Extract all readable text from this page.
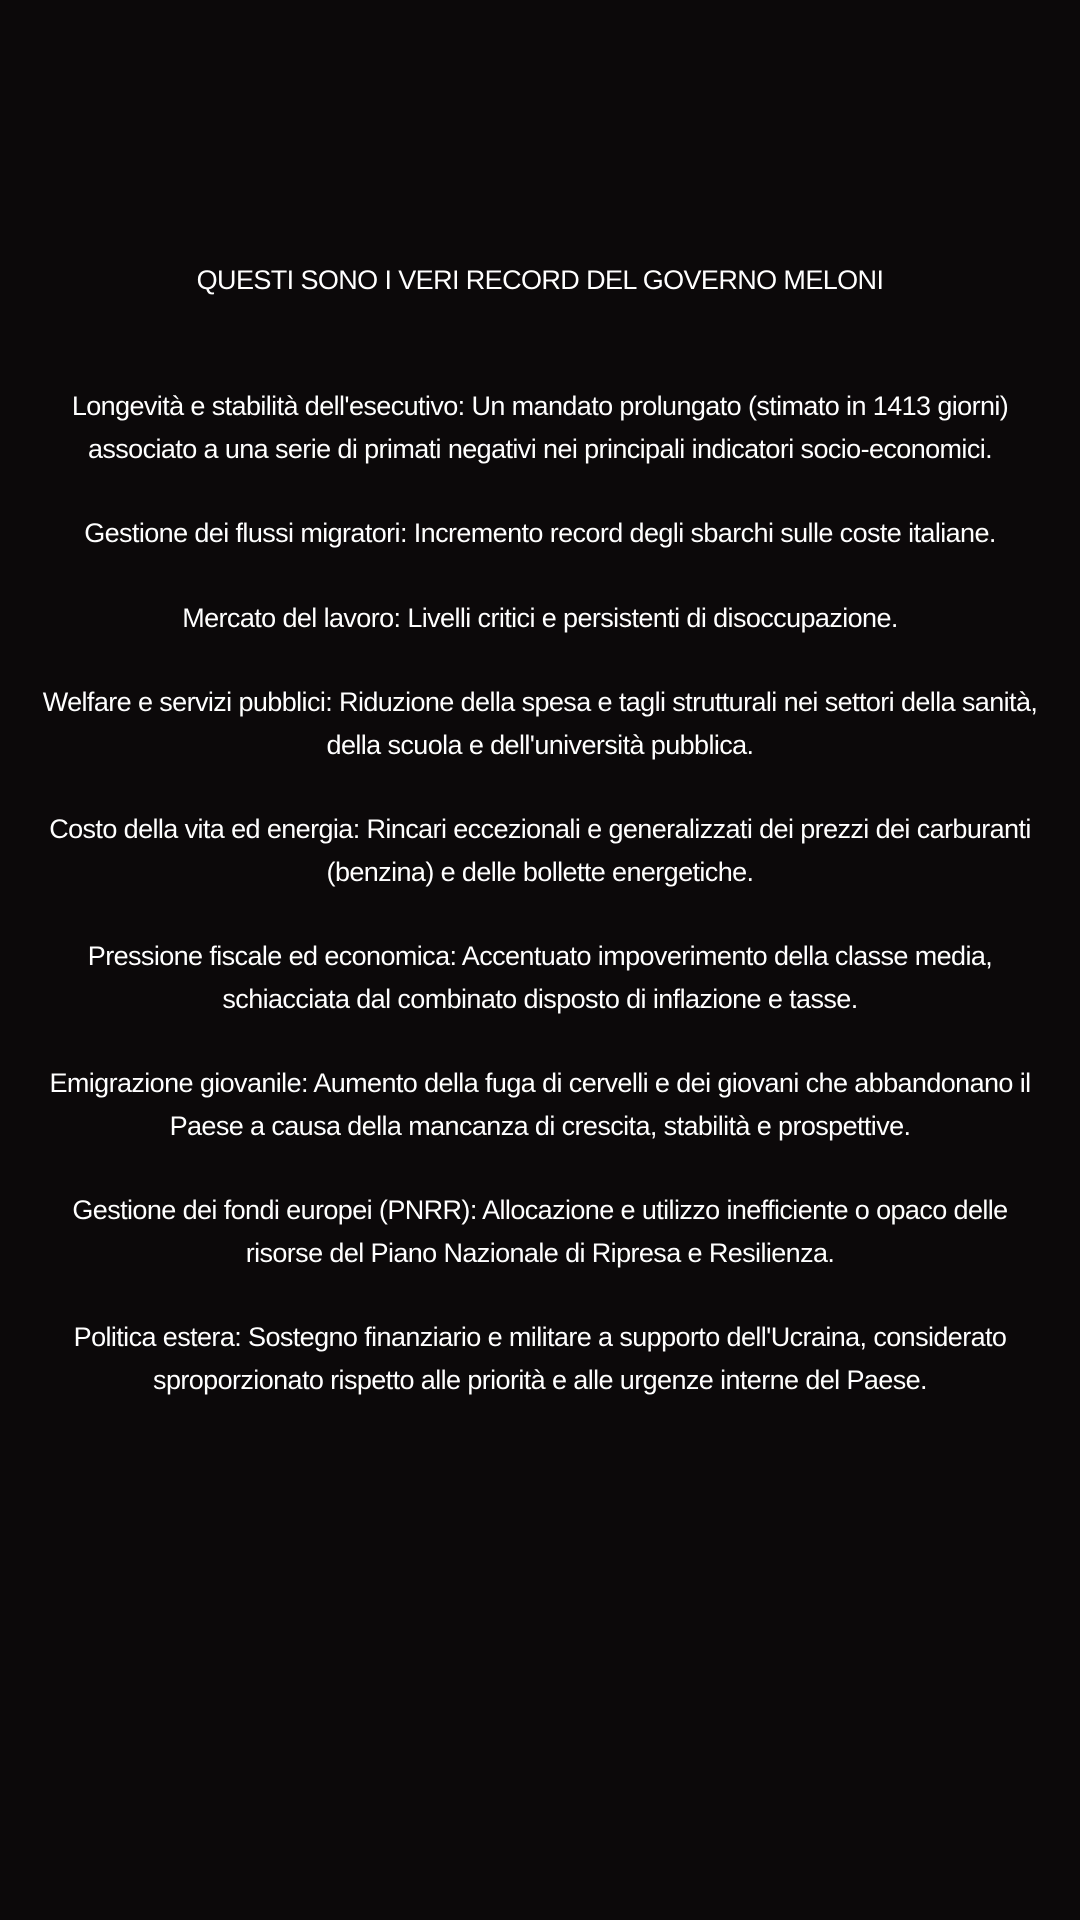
QUESTI SONO I VERI RECORD DEL GOVERNO MELONI
Longevità e stabilità dell'esecutivo: Un mandato prolungato (stimato in 1413 giorni) associato a una serie di primati negativi nei principali indicatori socio-economici.
Gestione dei flussi migratori: Incremento record degli sbarchi sulle coste italiane.
Mercato del lavoro: Livelli critici e persistenti di disoccupazione.
Welfare e servizi pubblici: Riduzione della spesa e tagli strutturali nei settori della sanità, della scuola e dell'università pubblica.
Costo della vita ed energia: Rincari eccezionali e generalizzati dei prezzi dei carburanti (benzina) e delle bollette energetiche.
Pressione fiscale ed economica: Accentuato impoverimento della classe media, schiacciata dal combinato disposto di inflazione e tasse.
Emigrazione giovanile: Aumento della fuga di cervelli e dei giovani che abbandonano il Paese a causa della mancanza di crescita, stabilità e prospettive.
Gestione dei fondi europei (PNRR): Allocazione e utilizzo inefficiente o opaco delle risorse del Piano Nazionale di Ripresa e Resilienza.
Politica estera: Sostegno finanziario e militare a supporto dell'Ucraina, considerato sproporzionato rispetto alle priorità e alle urgenze interne del Paese.
